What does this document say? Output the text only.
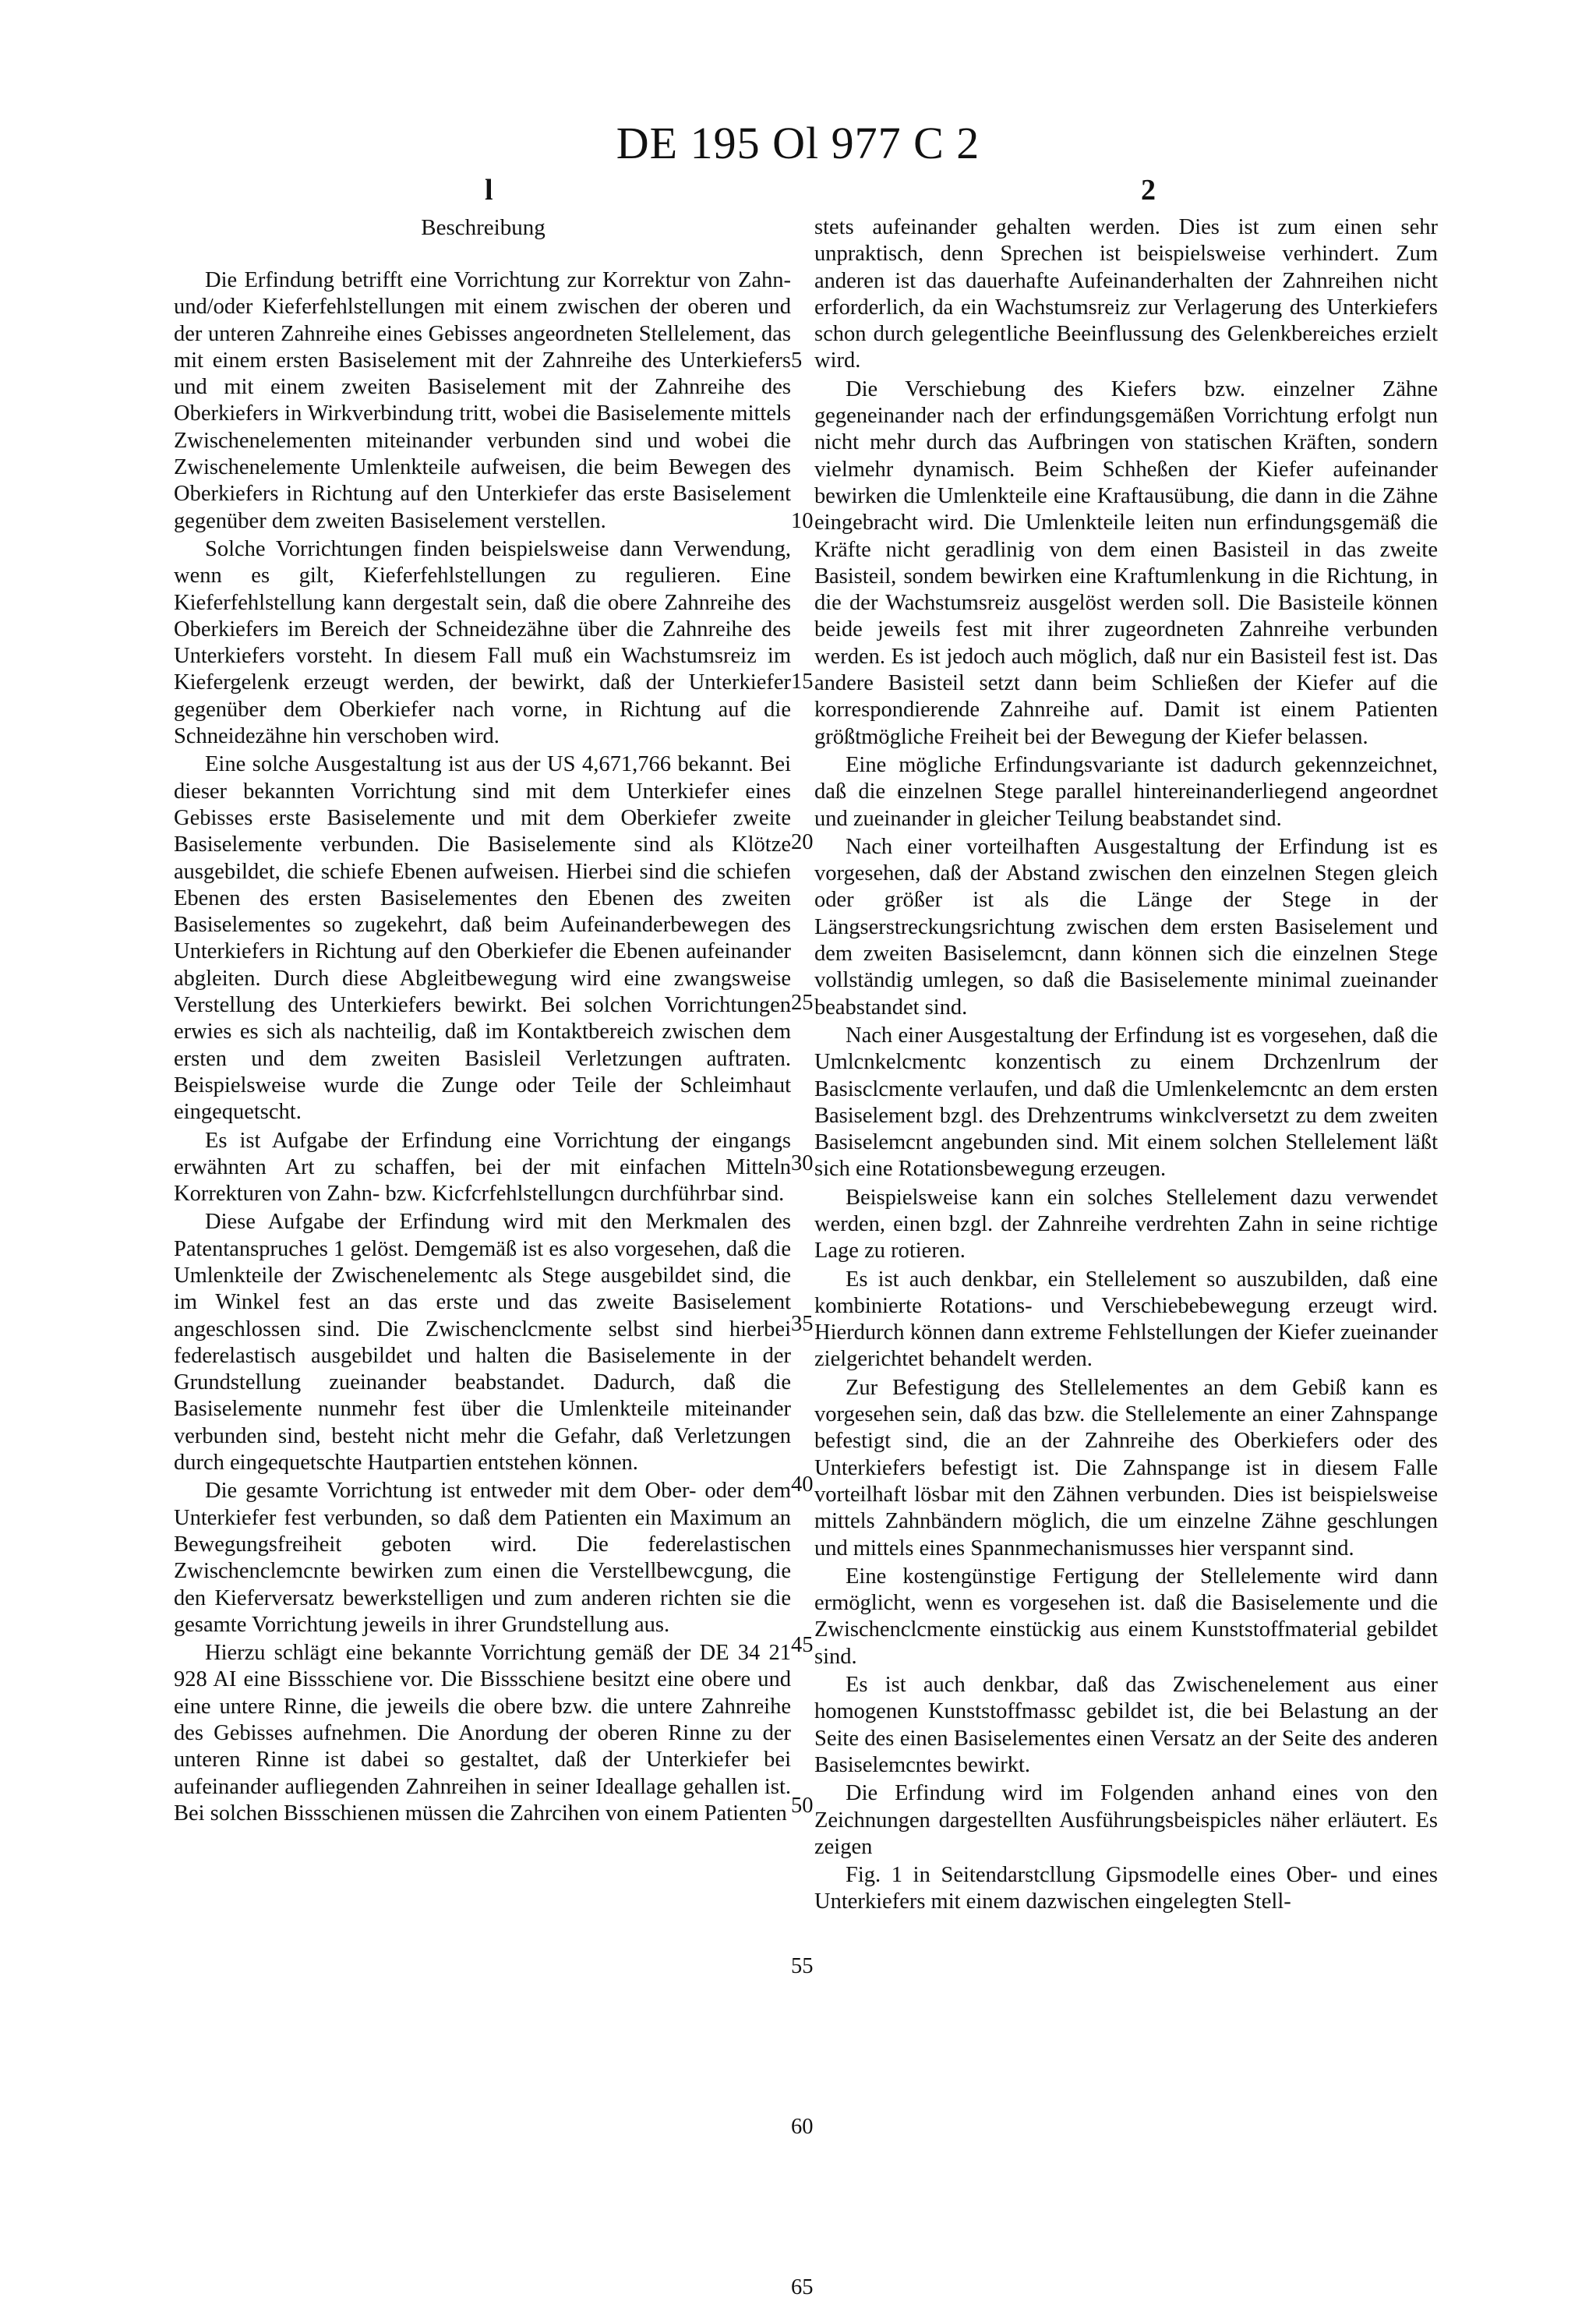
DE 195 Ol 977 C 2
l	2
Beschreibung

Die Erfindung betrifft eine Vorrichtung zur Korrektur von Zahn- und/oder Kieferfehlstellungen mit einem zwischen der oberen und der unteren Zahnreihe eines Gebisses angeordneten Stellelement, das mit einem ersten Basiselement mit der Zahnreihe des Unterkiefers und mit einem zweiten Basiselement mit der Zahnreihe des Oberkiefers in Wirkverbindung tritt, wobei die Basiselemente mittels Zwischenelementen miteinander verbunden sind und wobei die Zwischenelemente Umlenkteile aufweisen, die beim Bewegen des Oberkiefers in Richtung auf den Unterkiefer das erste Basiselement gegenüber dem zweiten Basiselement verstellen.

Solche Vorrichtungen finden beispielsweise dann Verwendung, wenn es gilt, Kieferfehlstellungen zu regulieren. Eine Kieferfehlstellung kann dergestalt sein, daß die obere Zahnreihe des Oberkiefers im Bereich der Schneidezähne über die Zahnreihe des Unterkiefers vorsteht. In diesem Fall muß ein Wachstumsreiz im Kiefergelenk erzeugt werden, der bewirkt, daß der Unterkiefer gegenüber dem Oberkiefer nach vorne, in Richtung auf die Schneidezähne hin verschoben wird.

Eine solche Ausgestaltung ist aus der US 4,671,766 bekannt. Bei dieser bekannten Vorrichtung sind mit dem Unterkiefer eines Gebisses erste Basiselemente und mit dem Oberkiefer zweite Basiselemente verbunden. Die Basiselemente sind als Klötze ausgebildet, die schiefe Ebenen aufweisen. Hierbei sind die schiefen Ebenen des ersten Basiselementes den Ebenen des zweiten Basiselementes so zugekehrt, daß beim Aufeinanderbewegen des Unterkiefers in Richtung auf den Oberkiefer die Ebenen aufeinander abgleiten. Durch diese Abgleitbewegung wird eine zwangsweise Verstellung des Unterkiefers bewirkt. Bei solchen Vorrichtungen erwies es sich als nachteilig, daß im Kontaktbereich zwischen dem ersten und dem zweiten Basisleil Verletzungen auftraten. Beispielsweise wurde die Zunge oder Teile der Schleimhaut eingequetscht.

Es ist Aufgabe der Erfindung eine Vorrichtung der eingangs erwähnten Art zu schaffen, bei der mit einfachen Mitteln Korrekturen von Zahn- bzw. Kicfcrfehlstellungcn durchführbar sind.

Diese Aufgabe der Erfindung wird mit den Merkmalen des Patentanspruches 1 gelöst. Demgemäß ist es also vorgesehen, daß die Umlenkteile der Zwischenelementc als Stege ausgebildet sind, die im Winkel fest an das erste und das zweite Basiselement angeschlossen sind. Die Zwischenclcmente selbst sind hierbei federelastisch ausgebildet und halten die Basiselemente in der Grundstellung zueinander beabstandet. Dadurch, daß die Basiselemente nunmehr fest über die Umlenkteile miteinander verbunden sind, besteht nicht mehr die Gefahr, daß Verletzungen durch eingequetschte Hautpartien entstehen können.

Die gesamte Vorrichtung ist entweder mit dem Ober- oder dem Unterkiefer fest verbunden, so daß dem Patienten ein Maximum an Bewegungsfreiheit geboten wird. Die federelastischen Zwischenclemcnte bewirken zum einen die Verstellbewcgung, die den Kieferversatz bewerkstelligen und zum anderen richten sie die gesamte Vorrichtung jeweils in ihrer Grundstellung aus.

Hierzu schlägt eine bekannte Vorrichtung gemäß der DE 34 21 928 AI eine Bissschiene vor. Die Bissschiene besitzt eine obere und eine untere Rinne, die jeweils die obere bzw. die untere Zahnreihe des Gebisses aufnehmen. Die Anordung der oberen Rinne zu der unteren Rinne ist dabei so gestaltet, daß der Unterkiefer bei aufeinander aufliegenden Zahnreihen in seiner Ideallage gehallen ist. Bei solchen Bissschienen müssen die Zahrcihen von einem Patienten

5
10
15
20
25
30
35
40
45
50
55
60
65

stets aufeinander gehalten werden. Dies ist zum einen sehr unpraktisch, denn Sprechen ist beispielsweise verhindert. Zum anderen ist das dauerhafte Aufeinanderhalten der Zahnreihen nicht erforderlich, da ein Wachstumsreiz zur Verlagerung des Unterkiefers schon durch gelegentliche Beeinflussung des Gelenkbereiches erzielt wird.

Die Verschiebung des Kiefers bzw. einzelner Zähne gegeneinander nach der erfindungsgemäßen Vorrichtung erfolgt nun nicht mehr durch das Aufbringen von statischen Kräften, sondern vielmehr dynamisch. Beim Schheßen der Kiefer aufeinander bewirken die Umlenkteile eine Kraftausübung, die dann in die Zähne eingebracht wird. Die Umlenkteile leiten nun erfindungsgemäß die Kräfte nicht geradlinig von dem einen Basisteil in das zweite Basisteil, sondem bewirken eine Kraftumlenkung in die Richtung, in die der Wachstumsreiz ausgelöst werden soll. Die Basisteile können beide jeweils fest mit ihrer zugeordneten Zahnreihe verbunden werden. Es ist jedoch auch möglich, daß nur ein Basisteil fest ist. Das andere Basisteil setzt dann beim Schließen der Kiefer auf die korrespondierende Zahnreihe auf. Damit ist einem Patienten größtmögliche Freiheit bei der Bewegung der Kiefer belassen.

Eine mögliche Erfindungsvariante ist dadurch gekennzeichnet, daß die einzelnen Stege parallel hintereinanderliegend angeordnet und zueinander in gleicher Teilung beabstandet sind.

Nach einer vorteilhaften Ausgestaltung der Erfindung ist es vorgesehen, daß der Abstand zwischen den einzelnen Stegen gleich oder größer ist als die Länge der Stege in der Längserstreckungsrichtung zwischen dem ersten Basiselement und dem zweiten Basiselemcnt, dann können sich die einzelnen Stege vollständig umlegen, so daß die Basiselemente minimal zueinander beabstandet sind.

Nach einer Ausgestaltung der Erfindung ist es vorgesehen, daß die Umlcnkelcmentc konzentisch zu einem Drchzenlrum der Basisclcmente verlaufen, und daß die Umlenkelemcntc an dem ersten Basiselement bzgl. des Drehzentrums winkclversetzt zu dem zweiten Basiselemcnt angebunden sind. Mit einem solchen Stellelement läßt sich eine Rotationsbewegung erzeugen.

Beispielsweise kann ein solches Stellelement dazu verwendet werden, einen bzgl. der Zahnreihe verdrehten Zahn in seine richtige Lage zu rotieren.

Es ist auch denkbar, ein Stellelement so auszubilden, daß eine kombinierte Rotations- und Verschiebebewegung erzeugt wird. Hierdurch können dann extreme Fehlstellungen der Kiefer zueinander zielgerichtet behandelt werden.

Zur Befestigung des Stellelementes an dem Gebiß kann es vorgesehen sein, daß das bzw. die Stellelemente an einer Zahnspange befestigt sind, die an der Zahnreihe des Oberkiefers oder des Unterkiefers befestigt ist. Die Zahnspange ist in diesem Falle vorteilhaft lösbar mit den Zähnen verbunden. Dies ist beispielsweise mittels Zahnbändern möglich, die um einzelne Zähne geschlungen und mittels eines Spannmechanismusses hier verspannt sind.

Eine kostengünstige Fertigung der Stellelemente wird dann ermöglicht, wenn es vorgesehen ist. daß die Basiselemente und die Zwischenclcmente einstückig aus einem Kunststoffmaterial gebildet sind.

Es ist auch denkbar, daß das Zwischenelement aus einer homogenen Kunststoffmassc gebildet ist, die bei Belastung an der Seite des einen Basiselementes einen Versatz an der Seite des anderen Basiselemcntes bewirkt.

Die Erfindung wird im Folgenden anhand eines von den Zeichnungen dargestellten Ausführungsbeispicles näher erläutert. Es zeigen

Fig. 1 in Seitendarstcllung Gipsmodelle eines Ober- und eines Unterkiefers mit einem dazwischen eingelegten Stell-
